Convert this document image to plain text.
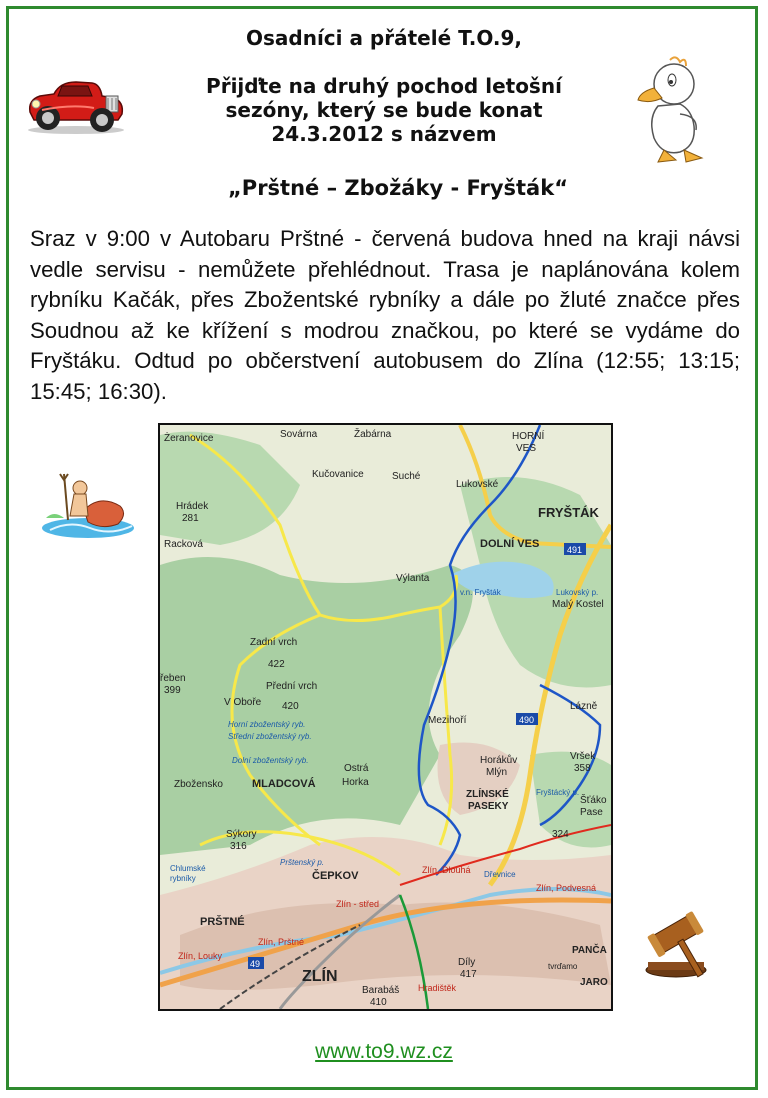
Osadníci a přátelé T.O.9,
Přijďte na druhý pochod letošní
sezóny, který se bude konat
24.3.2012 s názvem
„Prštné – Zbožáky - Fryšták“

Sraz v 9:00 v Autobaru Prštné - červená budova hned na kraji návsi vedle servisu - nemůžete přehlédnout. Trasa je naplánována kolem rybníku Kačák, přes Zbožentské rybníky a dále po žluté značce přes Soudnou až ke křížení s modrou značkou, po které se vydáme do Fryštáku. Odtud po občerstvení autobusem do Zlína (12:55; 13:15; 15:45; 16:30).

Żeranovice	Sovárna	Žabárna	HORNÍ
VES
Suché
Kučovanice
Lukovské
Hrádek
281	FRYŠTÁK
Racková	DOLNÍ VES	491
Výlanta
v.n. Fryšták	Lukovský p.
Malý Kostel
Zadní vrch
422
řeben
399	Přední vrch
420
V Oboře
Horní zbožentský ryb.
Střední zbožentský ryb.
Dolní zbožentský ryb.
Mezihoří	490
Lázně
Zbožensko	MLADCOVÁ
Ostrá
Horka
Horákův
Mlýn
Vršek
358
ZLÍNSKÉ
PASEKY
Fryštácký p.
Sýkory
316
Šťáko
Pase
324
Prštenský p.
ČEPKOV
Chlumské
rybníky
Zlín, Dlouhá Dřevnice
Zlín, Podvesná
PRŠTNÉ
Zlín - střed
Zlín, Prštné
Zlín, Louky
49
ZLÍN
Díly
417
PANČA
tvrďamo
JARO
Barabáš
410
Hradištěk
www.to9.wz.cz
